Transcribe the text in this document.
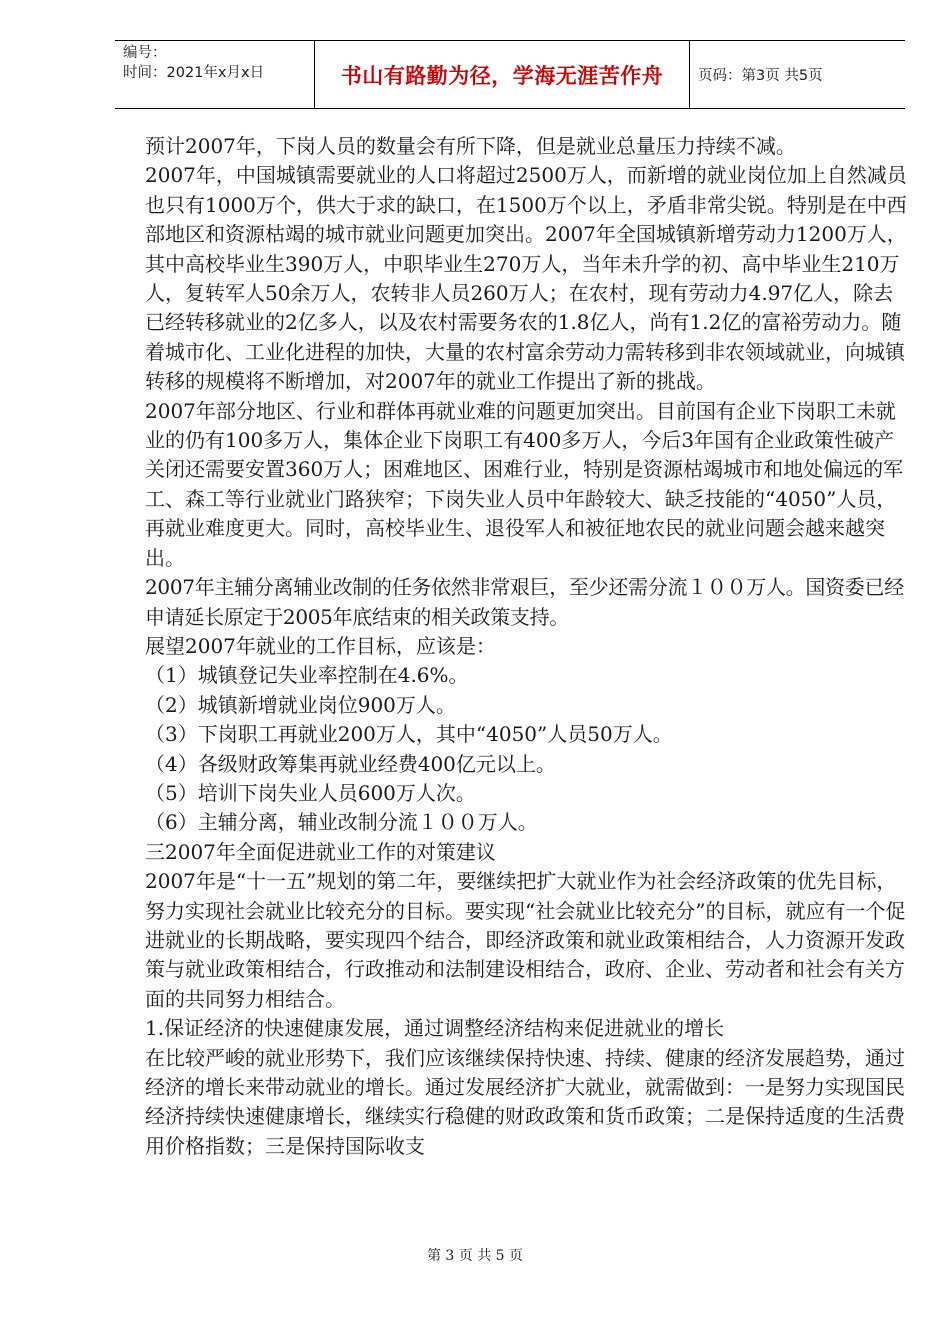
编号：
时间：2021年x月x日	书山有路勤为径，学海无涯苦作舟	页码：第3页 共5页

预计2007年，下岗人员的数量会有所下降，但是就业总量压力持续不减。

2007年，中国城镇需要就业的人口将超过2500万人，而新增的就业岗位加上自然减员也只有1000万个，供大于求的缺口，在1500万个以上，矛盾非常尖锐。特别是在中西部地区和资源枯竭的城市就业问题更加突出。2007年全国城镇新增劳动力1200万人，其中高校毕业生390万人，中职毕业生270万人，当年未升学的初、高中毕业生210万人，复转军人50余万人，农转非人员260万人；在农村，现有劳动力4.97亿人，除去已经转移就业的2亿多人，以及农村需要务农的1.8亿人，尚有1.2亿的富裕劳动力。随着城市化、工业化进程的加快，大量的农村富余劳动力需转移到非农领域就业，向城镇转移的规模将不断增加，对2007年的就业工作提出了新的挑战。

2007年部分地区、行业和群体再就业难的问题更加突出。目前国有企业下岗职工未就业的仍有100多万人，集体企业下岗职工有400多万人，今后3年国有企业政策性破产关闭还需要安置360万人；困难地区、困难行业，特别是资源枯竭城市和地处偏远的军工、森工等行业就业门路狭窄；下岗失业人员中年龄较大、缺乏技能的“4050”人员，再就业难度更大。同时，高校毕业生、退役军人和被征地农民的就业问题会越来越突出。

2007年主辅分离辅业改制的任务依然非常艰巨，至少还需分流１００万人。国资委已经申请延长原定于2005年底结束的相关政策支持。

展望2007年就业的工作目标，应该是：

（1）城镇登记失业率控制在4.6%。

（2）城镇新增就业岗位900万人。

（3）下岗职工再就业200万人，其中“4050”人员50万人。

（4）各级财政筹集再就业经费400亿元以上。

（5）培训下岗失业人员600万人次。

（6）主辅分离，辅业改制分流１００万人。

三2007年全面促进就业工作的对策建议

2007年是“十一五”规划的第二年，要继续把扩大就业作为社会经济政策的优先目标，努力实现社会就业比较充分的目标。要实现“社会就业比较充分”的目标，就应有一个促进就业的长期战略，要实现四个结合，即经济政策和就业政策相结合，人力资源开发政策与就业政策相结合，行政推动和法制建设相结合，政府、企业、劳动者和社会有关方面的共同努力相结合。

1.保证经济的快速健康发展，通过调整经济结构来促进就业的增长

在比较严峻的就业形势下，我们应该继续保持快速、持续、健康的经济发展趋势，通过经济的增长来带动就业的增长。通过发展经济扩大就业，就需做到：一是努力实现国民经济持续快速健康增长，继续实行稳健的财政政策和货币政策；二是保持适度的生活费用价格指数；三是保持国际收支

第 3 页 共 5 页
